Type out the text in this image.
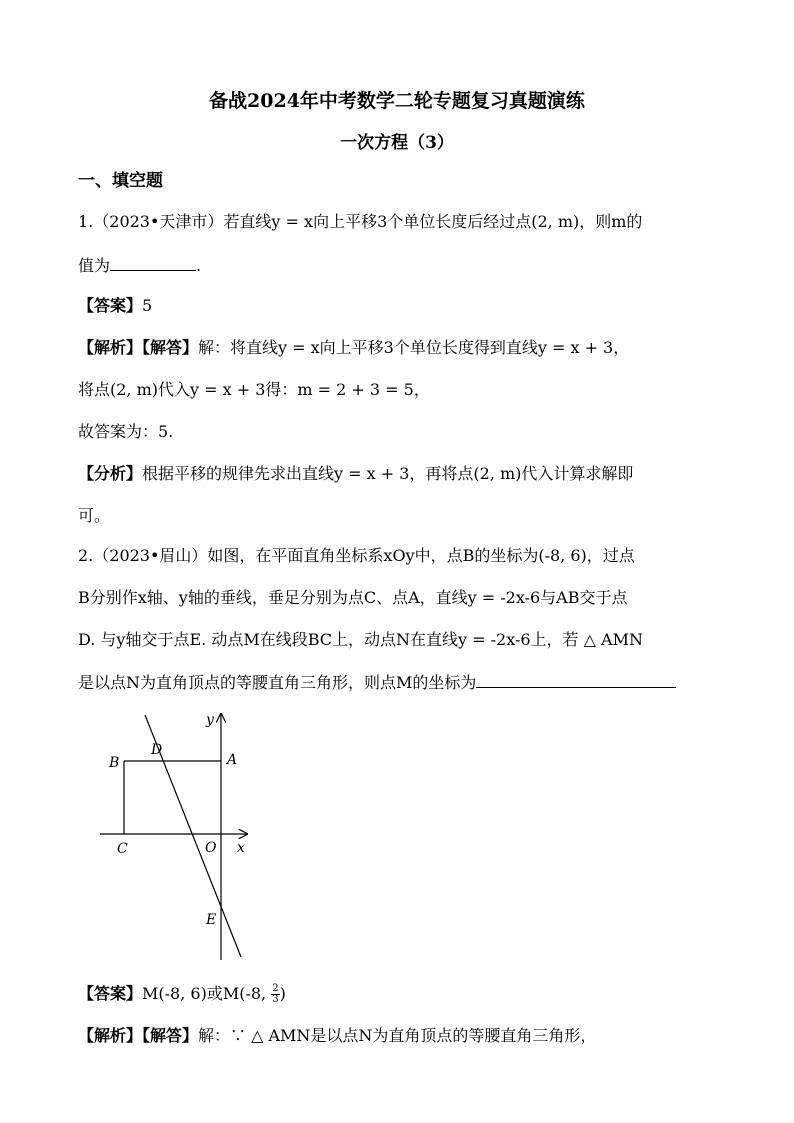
备战2024年中考数学二轮专题复习真题演练
一次方程（3）
一、填空题
1.（2023•天津市）若直线y = x向上平移3个单位长度后经过点(2, m)，则m的
值为	.
【答案】5
【解析】【解答】解：将直线y = x向上平移3个单位长度得到直线y = x + 3，
将点(2, m)代入y = x + 3得：m = 2 + 3 = 5，
故答案为：5.
【分析】根据平移的规律先求出直线y = x + 3，再将点(2, m)代入计算求解即
可。
2.（2023•眉山）如图，在平面直角坐标系xOy中，点B的坐标为(-8, 6)，过点
B分别作x轴、y轴的垂线，垂足分别为点C、点A，直线y = -2x-6与AB交于点
D. 与y轴交于点E. 动点M在线段BC上，动点N在直线y = -2x-6上，若 △ AMN
是以点N为直角顶点的等腰直角三角形，则点M的坐标为
y
x
B
D
A
C	O
E
【答案】M(-8, 6)或M(-8, $\frac{2}{3}$ )
【解析】【解答】解：∵ △ AMN是以点N为直角顶点的等腰直角三角形，
